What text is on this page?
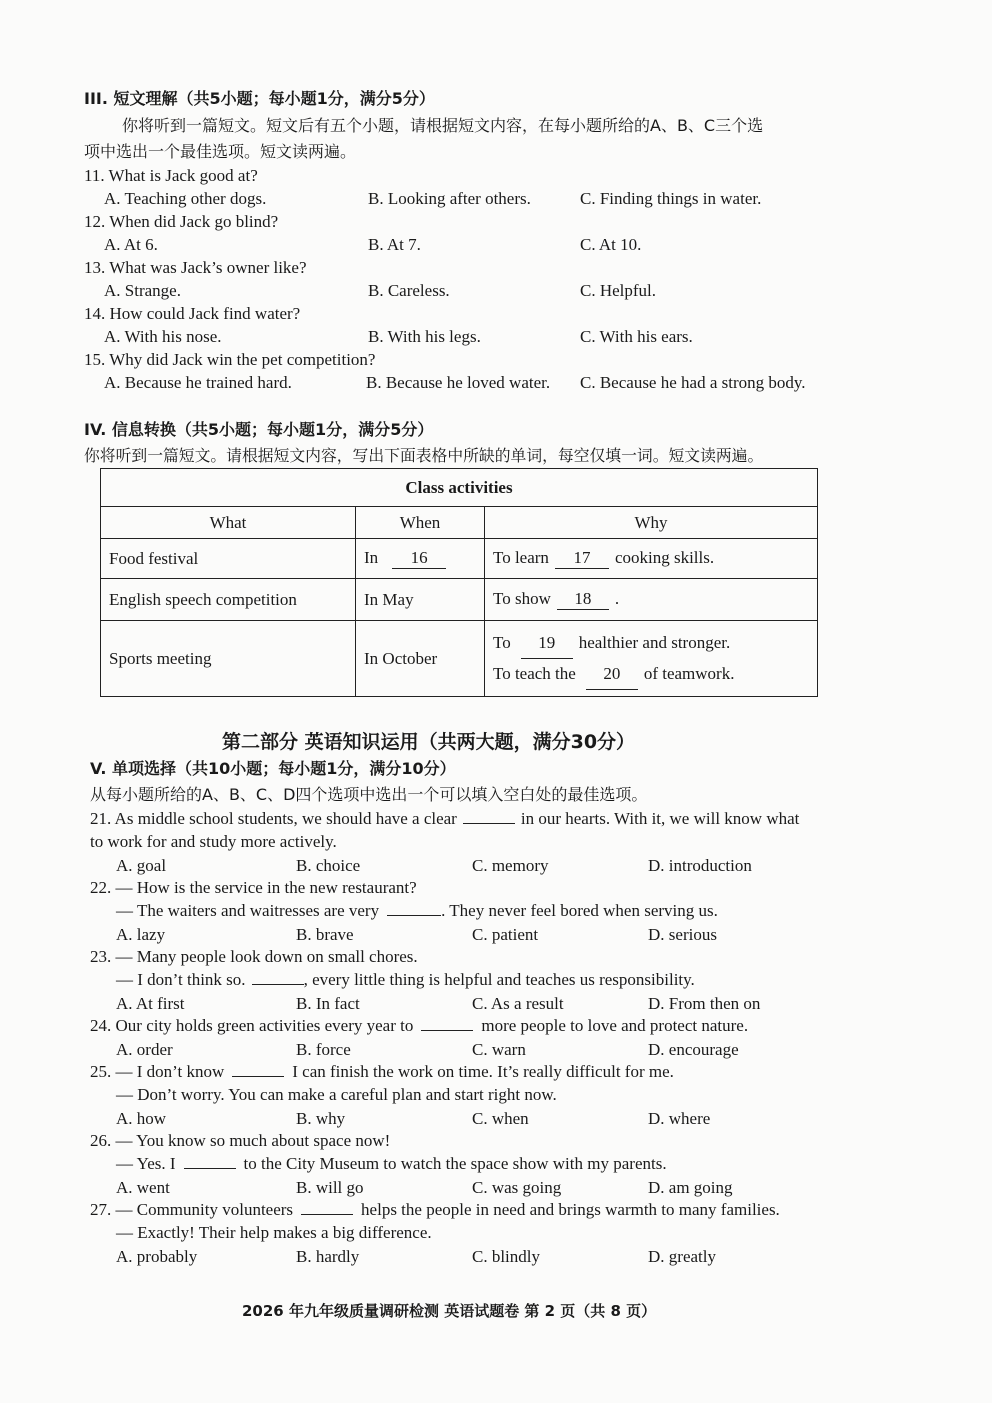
III. 短文理解（共5小题；每小题1分，满分5分）
你将听到一篇短文。短文后有五个小题，请根据短文内容，在每小题所给的A、B、C三个选
项中选出一个最佳选项。短文读两遍。
11. What is Jack good at?
A. Teaching other dogs.	B. Looking after others.	C. Finding things in water.
12. When did Jack go blind?
A. At 6.	B. At 7.	C. At 10.
13. What was Jack’s owner like?
A. Strange.	B. Careless.	C. Helpful.
14. How could Jack find water?
A. With his nose.	B. With his legs.	C. With his ears.
15. Why did Jack win the pet competition?
A. Because he trained hard.	B. Because he loved water. C. Because he had a strong body.
IV. 信息转换（共5小题；每小题1分，满分5分）
你将听到一篇短文。请根据短文内容，写出下面表格中所缺的单词，每空仅填一词。短文读两遍。
Class activities		
What	When	Why
Food festival	In 16	To learn 17 cooking skills.
English speech competition	In May	To show 18 .
Sports meeting	In October	To 19 healthier and stronger.
To teach the 20 of teamwork.
第二部分 英语知识运用（共两大题，满分30分）
V. 单项选择（共10小题；每小题1分，满分10分）
从每小题所给的A、B、C、D四个选项中选出一个可以填入空白处的最佳选项。
21. As middle school students, we should have a clear	in our hearts. With it, we will know what
to work for and study more actively.
A. goal	B. choice	C. memory	D. introduction
22. — How is the service in the new restaurant?
— The waiters and waitresses are very	. They never feel bored when serving us.
A. lazy	B. brave	C. patient	D. serious
23. — Many people look down on small chores.
— I don’t think so.	, every little thing is helpful and teaches us responsibility.
A. At first	B. In fact	C. As a result	D. From then on
24. Our city holds green activities every year to	more people to love and protect nature.
A. order	B. force	C. warn	D. encourage
25. — I don’t know	I can finish the work on time. It’s really difficult for me.
— Don’t worry. You can make a careful plan and start right now.
A. how	B. why	C. when	D. where
26. — You know so much about space now!
— Yes. I	to the City Museum to watch the space show with my parents.
A. went	B. will go	C. was going	D. am going
27. — Community volunteers	helps the people in need and brings warmth to many families.
— Exactly! Their help makes a big difference.
A. probably	B. hardly	C. blindly	D. greatly
2026 年九年级质量调研检测 英语试题卷 第 2 页（共 8 页）
